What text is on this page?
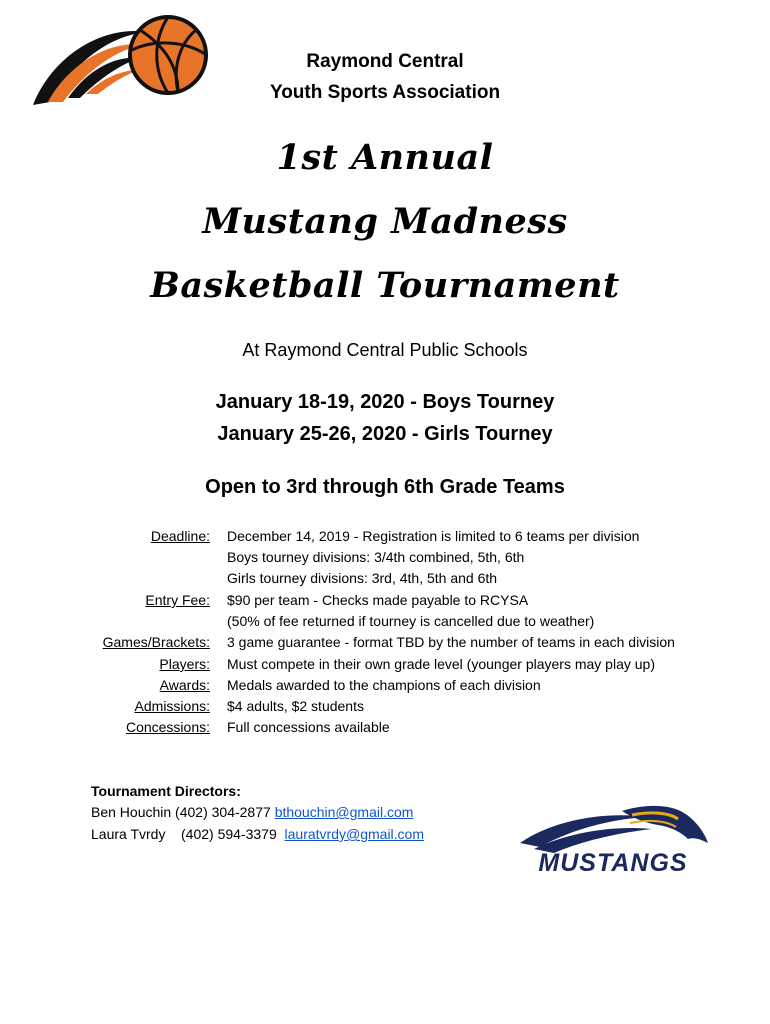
Raymond Central
Youth Sports Association
1st Annual
Mustang Madness
Basketball Tournament
At Raymond Central Public Schools
January 18-19, 2020 - Boys Tourney
January 25-26, 2020 - Girls Tourney
Open to 3rd through 6th Grade Teams
Deadline: December 14, 2019 - Registration is limited to 6 teams per division
Boys tourney divisions: 3/4th combined, 5th, 6th
Girls tourney divisions: 3rd, 4th, 5th and 6th
Entry Fee: $90 per team - Checks made payable to RCYSA
(50% of fee returned if tourney is cancelled due to weather)
Games/Brackets: 3 game guarantee - format TBD by the number of teams in each division
Players: Must compete in their own grade level (younger players may play up)
Awards: Medals awarded to the champions of each division
Admissions: $4 adults, $2 students
Concessions: Full concessions available
Tournament Directors:
Ben Houchin (402) 304-2877 bthouchin@gmail.com
Laura Tvrdy    (402) 594-3379 lauratvrdy@gmail.com
MUSTANGS
